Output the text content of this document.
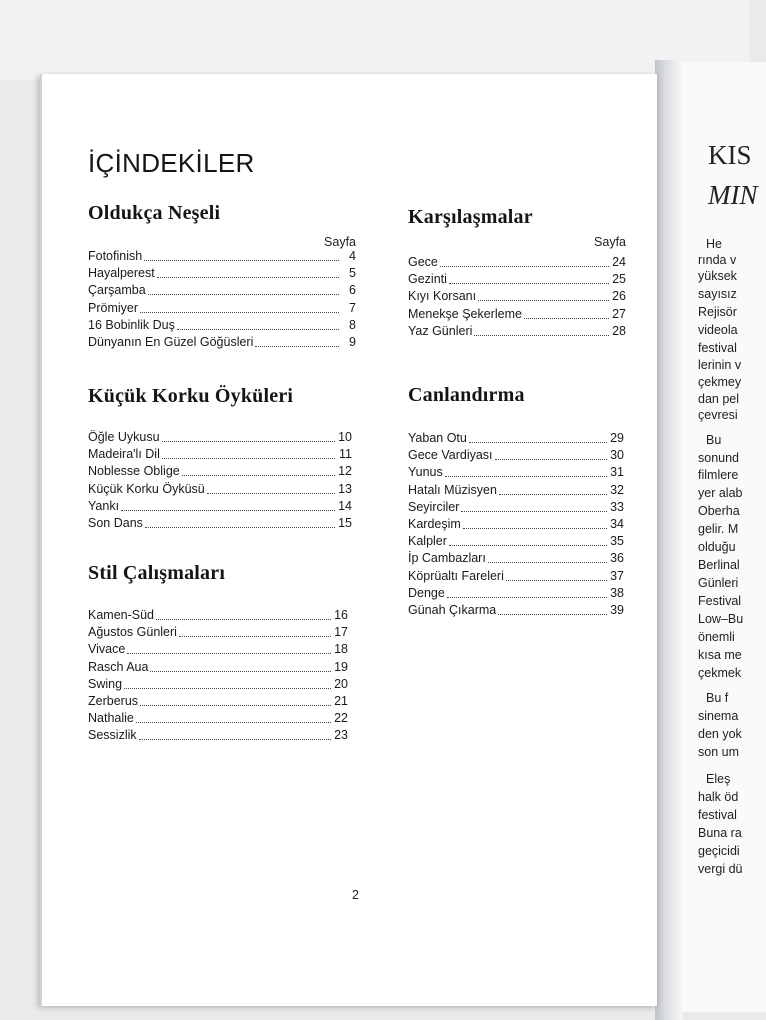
KIS
MIN
He
rında v
yüksek
sayısız
Rejisör
videola
festival
lerinin v
çekmey
dan pel
çevresi
Bu
sonund
filmlere
yer alab
Oberha
gelir. M
olduğu
Berlinal
Günleri
Festival
Low–Bu
önemli
kısa me
çekmek
Bu f
sinema
den yok
son um
Eleş
halk öd
festival
Buna ra
geçicidi
vergi dü
İÇİNDEKİLER
Oldukça Neşeli
Sayfa
Fotofinish	4
Hayalperest	5
Çarşamba	6
Prömiyer	7
16 Bobinlik Duş	8
Dünyanın En Güzel Göğüsleri	9
Küçük Korku Öyküleri
Öğle Uykusu	10
Madeira'lı Dil	11
Noblesse Oblige	12
Küçük Korku Öyküsü	13
Yankı	14
Son Dans	15
Stil Çalışmaları
Kamen-Süd	16
Ağustos Günleri	17
Vivace	18
Rasch Aua	19
Swing	20
Zerberus	21
Nathalie	22
Sessizlik	23
Karşılaşmalar
Sayfa
Gece	24
Gezinti	25
Kıyı Korsanı	26
Menekşe Şekerleme	27
Yaz Günleri	28
Canlandırma
Yaban Otu	29
Gece Vardiyası	30
Yunus	31
Hatalı Müzisyen	32
Seyirciler	33
Kardeşim	34
Kalpler	35
İp Cambazları	36
Köprüaltı Fareleri	37
Denge	38
Günah Çıkarma	39
2
